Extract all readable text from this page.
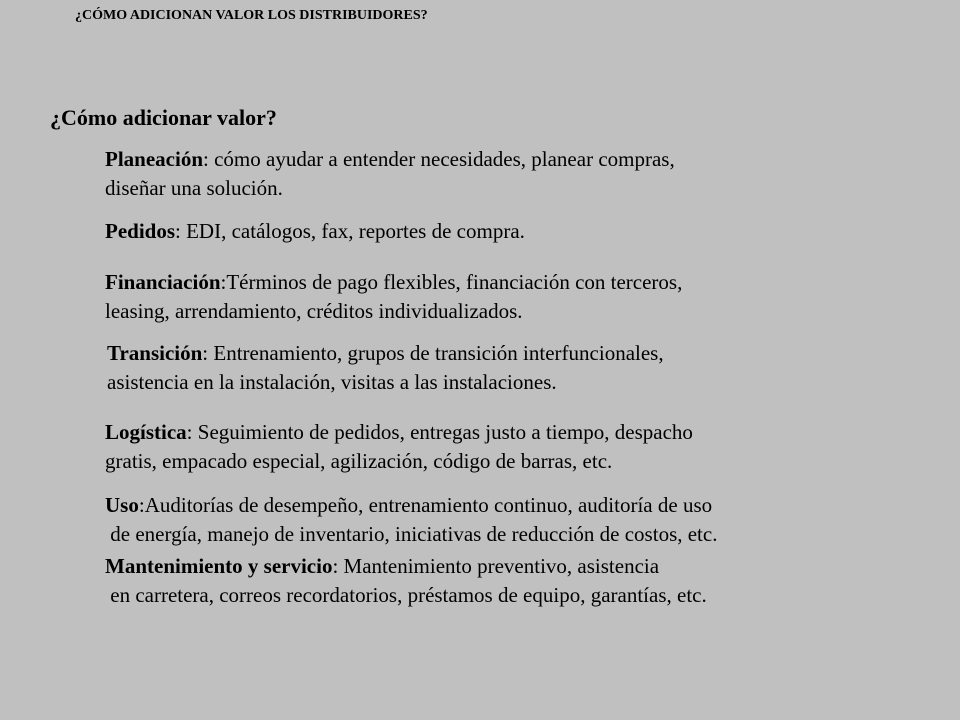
¿CÓMO ADICIONAN VALOR LOS DISTRIBUIDORES?
¿Cómo adicionar valor?
Planeación: cómo ayudar a entender necesidades, planear compras,
diseñar una solución.
Pedidos: EDI, catálogos, fax, reportes de compra.
Financiación:Términos de pago flexibles, financiación con terceros,
leasing, arrendamiento, créditos individualizados.
Transición: Entrenamiento, grupos de transición interfuncionales,
asistencia en la instalación, visitas a las instalaciones.
Logística: Seguimiento de pedidos, entregas justo a tiempo, despacho
gratis, empacado especial, agilización, código de barras, etc.
Uso:Auditorías de desempeño, entrenamiento continuo, auditoría de uso
de energía, manejo de inventario, iniciativas de reducción de costos, etc.
Mantenimiento y servicio: Mantenimiento preventivo, asistencia
en carretera, correos recordatorios, préstamos de equipo, garantías, etc.
